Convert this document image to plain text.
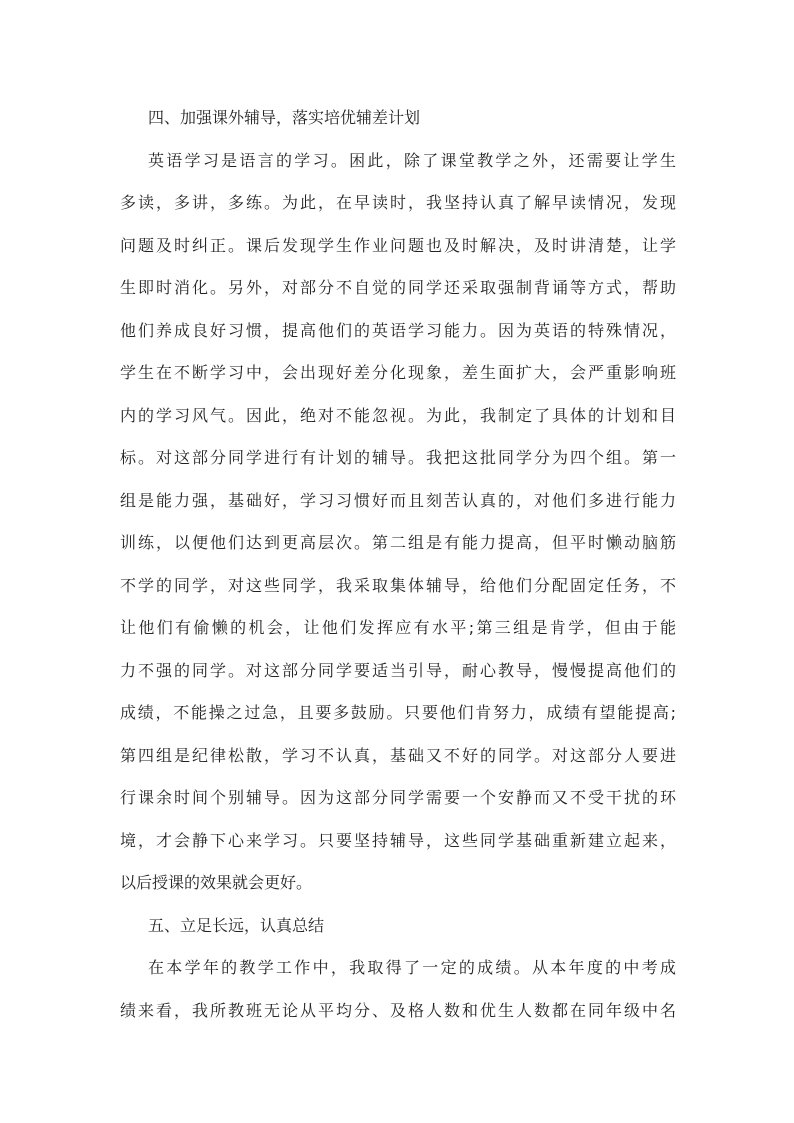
四、加强课外辅导，落实培优辅差计划
英语学习是语言的学习。困此，除了课堂教学之外，还需要让学生
多读，多讲，多练。为此，在早读时，我坚持认真了解早读情况，发现
问题及时纠正。课后发现学生作业问题也及时解决，及时讲清楚，让学
生即时消化。另外，对部分不自觉的同学还采取强制背诵等方式，帮助
他们养成良好习惯，提高他们的英语学习能力。因为英语的特殊情况，
学生在不断学习中，会出现好差分化现象，差生面扩大，会严重影响班
内的学习风气。因此，绝对不能忽视。为此，我制定了具体的计划和目
标。对这部分同学进行有计划的辅导。我把这批同学分为四个组。第一
组是能力强，基础好，学习习惯好而且刻苦认真的，对他们多进行能力
训练，以便他们达到更高层次。第二组是有能力提高，但平时懒动脑筋
不学的同学，对这些同学，我采取集体辅导，给他们分配固定任务，不
让他们有偷懒的机会，让他们发挥应有水平;第三组是肯学，但由于能
力不强的同学。对这部分同学要适当引导，耐心教导，慢慢提高他们的
成绩，不能操之过急，且要多鼓励。只要他们肯努力，成绩有望能提高;
第四组是纪律松散，学习不认真，基础又不好的同学。对这部分人要进
行课余时间个别辅导。因为这部分同学需要一个安静而又不受干扰的环
境，才会静下心来学习。只要坚持辅导，这些同学基础重新建立起来，
以后授课的效果就会更好。
五、立足长远，认真总结
在本学年的教学工作中，我取得了一定的成绩。从本年度的中考成
绩来看，我所教班无论从平均分、及格人数和优生人数都在同年级中名
